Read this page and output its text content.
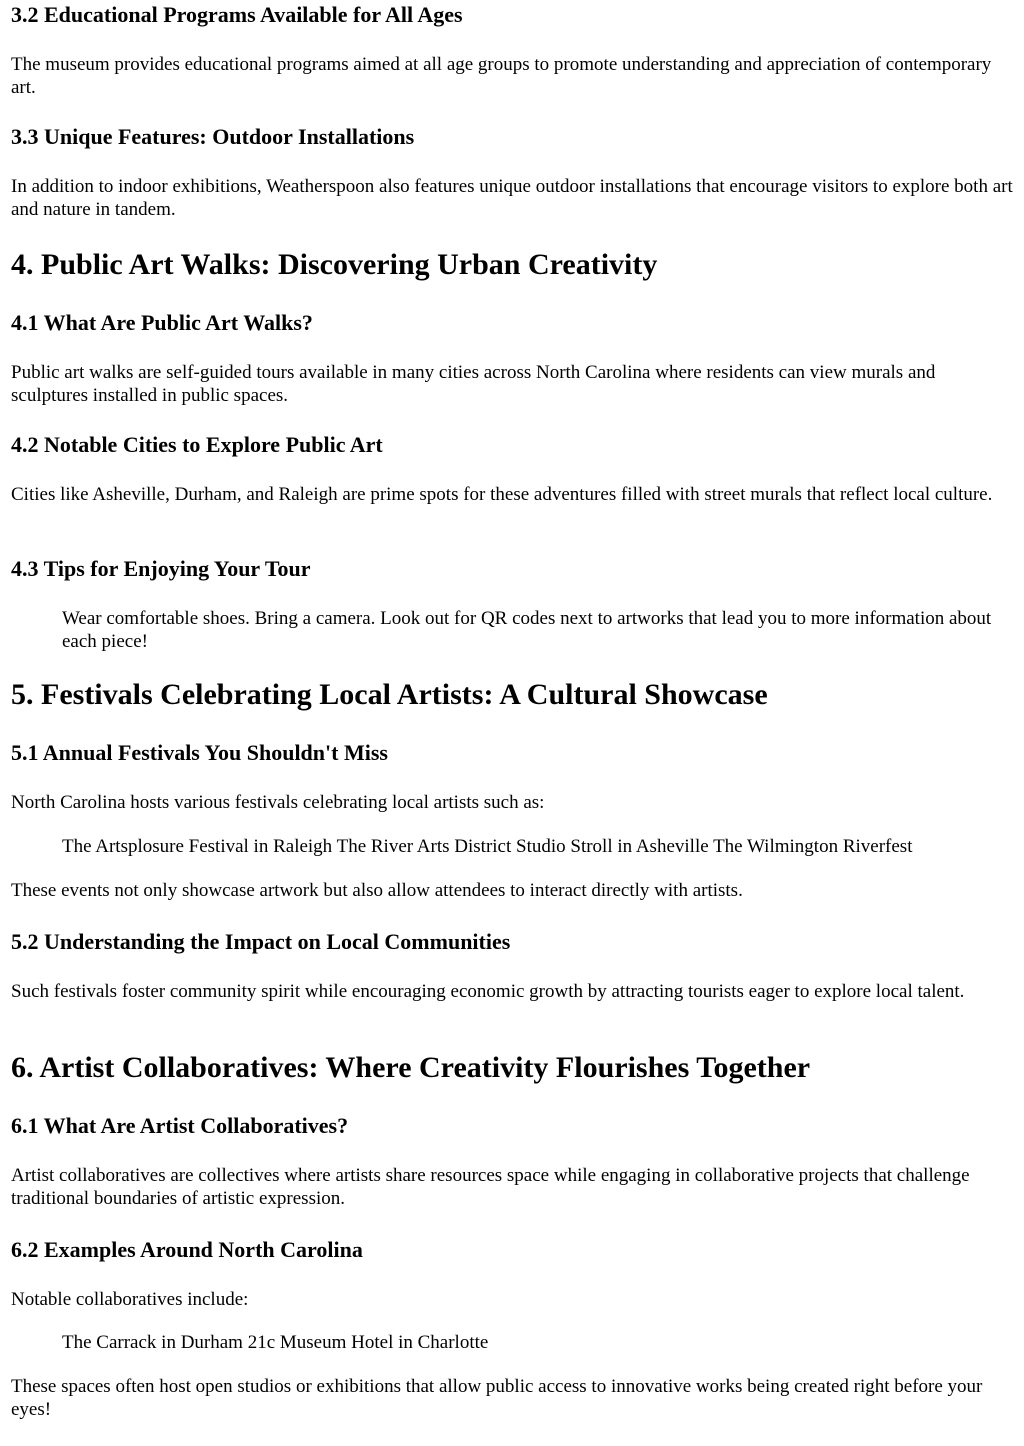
3.2 Educational Programs Available for All Ages

The museum provides educational programs aimed at all age groups to promote understanding and appreciation of contemporary art.

3.3 Unique Features: Outdoor Installations

In addition to indoor exhibitions, Weatherspoon also features unique outdoor installations that encourage visitors to explore both art and nature in tandem.

4. Public Art Walks: Discovering Urban Creativity
4.1 What Are Public Art Walks?

Public art walks are self-guided tours available in many cities across North Carolina where residents can view murals and sculptures installed in public spaces.

4.2 Notable Cities to Explore Public Art

Cities like Asheville, Durham, and Raleigh are prime spots for these adventures filled with street murals that reflect local culture.

4.3 Tips for Enjoying Your Tour
Wear comfortable shoes. Bring a camera. Look out for QR codes next to artworks that lead you to more information about each piece!
5. Festivals Celebrating Local Artists: A Cultural Showcase
5.1 Annual Festivals You Shouldn't Miss

North Carolina hosts various festivals celebrating local artists such as:

The Artsplosure Festival in Raleigh The River Arts District Studio Stroll in Asheville The Wilmington Riverfest

These events not only showcase artwork but also allow attendees to interact directly with artists.

5.2 Understanding the Impact on Local Communities

Such festivals foster community spirit while encouraging economic growth by attracting tourists eager to explore local talent.

6. Artist Collaboratives: Where Creativity Flourishes Together
6.1 What Are Artist Collaboratives?

Artist collaboratives are collectives where artists share resources space while engaging in collaborative projects that challenge traditional boundaries of artistic expression.

6.2 Examples Around North Carolina

Notable collaboratives include:

The Carrack in Durham 21c Museum Hotel in Charlotte

These spaces often host open studios or exhibitions that allow public access to innovative works being created right before your eyes!
